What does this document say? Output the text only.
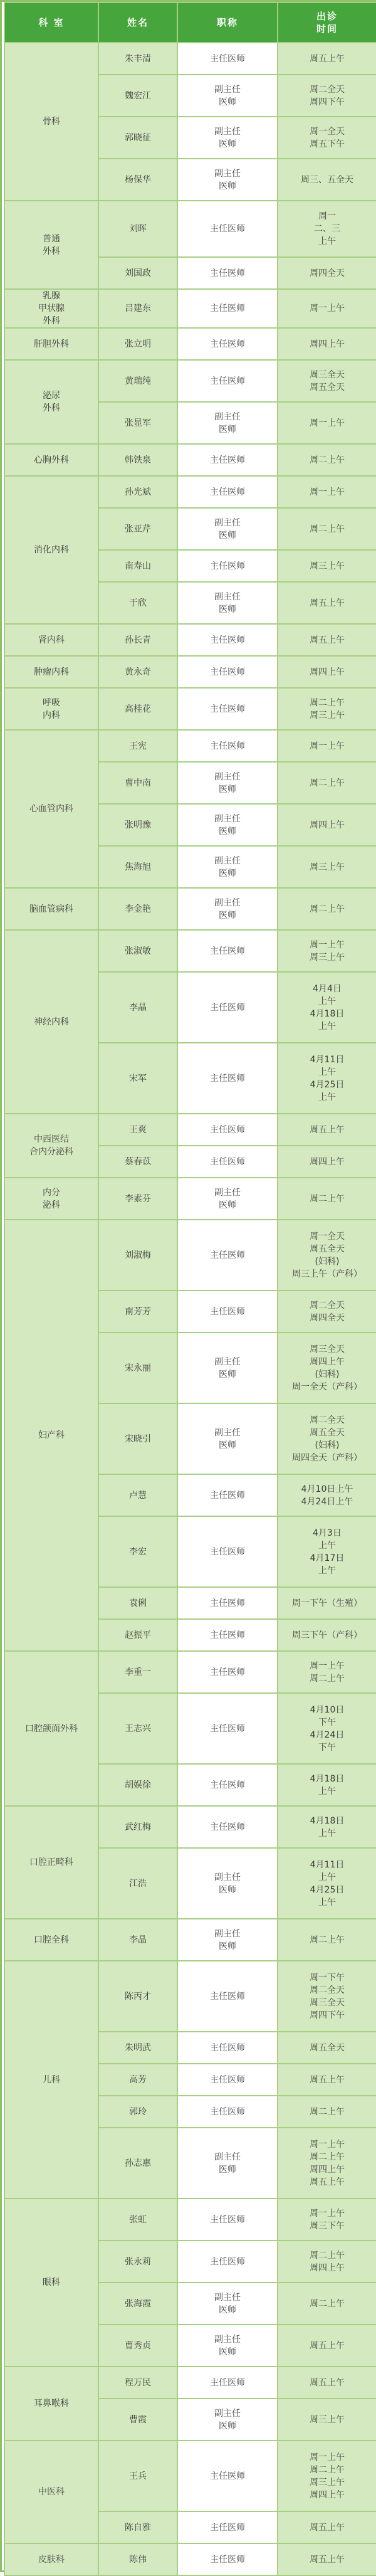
科 室	姓名	职称	出诊
时间

骨科	朱丰清	主任医师	周五上午

	魏宏江	副主任
医师	周二全天
周四下午

	郭晓征	副主任
医师	周一全天
周五下午

	杨保华	副主任
医师	周三、五全天

普通
外科	刘晖	主任医师	周一
二、三
上午

	刘国政	主任医师	周四全天

乳腺
甲状腺
外科	吕建东	主任医师	周一上午

肝胆外科	张立明	主任医师	周四上午

泌尿
外科	黄瑞纯	主任医师	周三全天
周五全天

	张显军	副主任
医师	周一上午

心胸外科	韩铁泉	主任医师	周二上午

消化内科	孙光斌	主任医师	周一上午

	张亚芹	副主任
医师	周二上午

	南寿山	主任医师	周三上午

	于欣	副主任
医师	周五上午

肾内科	孙长青	主任医师	周五上午

肿瘤内科	黄永奇	主任医师	周四上午

呼吸
内科	高桂花	主任医师	周二上午
周三上午

心血管内科	王宪	主任医师	周一上午

	曹中南	副主任
医师	周二上午

	张明豫	副主任
医师	周四上午

	焦海旭	副主任
医师	周三上午

脑血管病科	李金艳	副主任
医师	周二上午

神经内科	张淑敏	主任医师	周一上午
周三上午

	李晶	主任医师	4月4日
上午
4月18日
上午

	宋军	主任医师	4月11日
上午
4月25日
上午

中西医结
合内分泌科	王爽	主任医师	周五上午

	蔡春苡	主任医师	周四上午

内分
泌科	李素芬	副主任
医师	周二上午

妇产科	刘淑梅	主任医师	周一全天
周五全天
(妇科)
周三上午（产科）

	南芳芳	主任医师	周二全天
周四全天

	宋永丽	副主任
医师	周三全天
周四上午
(妇科)
周一全天（产科）

	宋晓引	副主任
医师	周二全天
周五全天
(妇科)
周四全天（产科）

	卢慧	主任医师	4月10日上午
4月24日上午

	李宏	主任医师	4月3日
上午
4月17日
上午

	袁俐	主任医师	周一下午（生殖）

	赵振平	主任医师	周三下午（产科）

口腔颌面外科	李重一	主任医师	周一上午
周二上午

	王志兴	主任医师	4月10日
下午
4月24日
下午

	胡娱徐	主任医师	4月18日
上午

口腔正畸科	武红梅	主任医师	4月18日
上午

	江浩	副主任
医师	4月11日
上午
4月25日
上午

口腔全科	李晶	副主任
医师	周二上午

儿科	陈丙才	主任医师	周一下午
周二全天
周三全天
周四下午

	朱明武	主任医师	周五全天

	高芳	主任医师	周五上午

	郭玲	主任医师	周二上午

	孙志惠	副主任
医师	周一上午
周二上午
周四上午
周五上午

眼科	张虹	主任医师	周一上午
周三下午

	张永莉	主任医师	周二上午
周四上午

	张海霞	副主任
医师	周二上午

	曹秀贞	副主任
医师	周五上午

耳鼻喉科	程万民	主任医师	周五上午

	曹霞	副主任
医师	周三上午

中医科	王兵	主任医师	周一上午
周二上午
周三上午
周四上午

	陈自雅	主任医师	周五上午

皮肤科	陈伟	主任医师	周五上午
